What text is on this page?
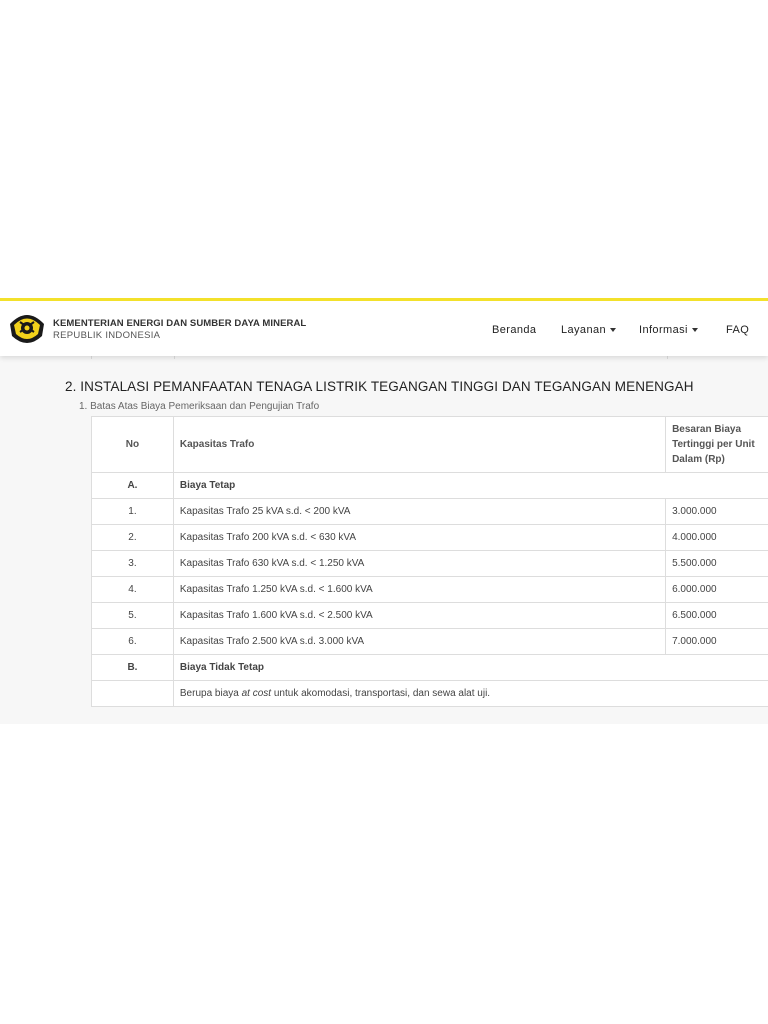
KEMENTERIAN ENERGI DAN SUMBER DAYA MINERAL
REPUBLIK INDONESIA	Beranda Layanan	Informasi	FAQ
2. INSTALASI PEMANFAATAN TENAGA LISTRIK TEGANGAN TINGGI DAN TEGANGAN MENENGAH
1. Batas Atas Biaya Pemeriksaan dan Pengujian Trafo
No	Kapasitas Trafo	Besaran Biaya
Tertinggi per Unit
Dalam (Rp)

A.	Biaya Tetap	
1.	Kapasitas Trafo 25 kVA s.d. < 200 kVA	3.000.000
2.	Kapasitas Trafo 200 kVA s.d. < 630 kVA	4.000.000
3.	Kapasitas Trafo 630 kVA s.d. < 1.250 kVA	5.500.000
4.	Kapasitas Trafo 1.250 kVA s.d. < 1.600 kVA	6.000.000
5.	Kapasitas Trafo 1.600 kVA s.d. < 2.500 kVA	6.500.000
6.	Kapasitas Trafo 2.500 kVA s.d. 3.000 kVA	7.000.000
B.	Biaya Tidak Tetap	
	Berupa biaya at cost untuk akomodasi, transportasi, dan sewa alat uji.	
